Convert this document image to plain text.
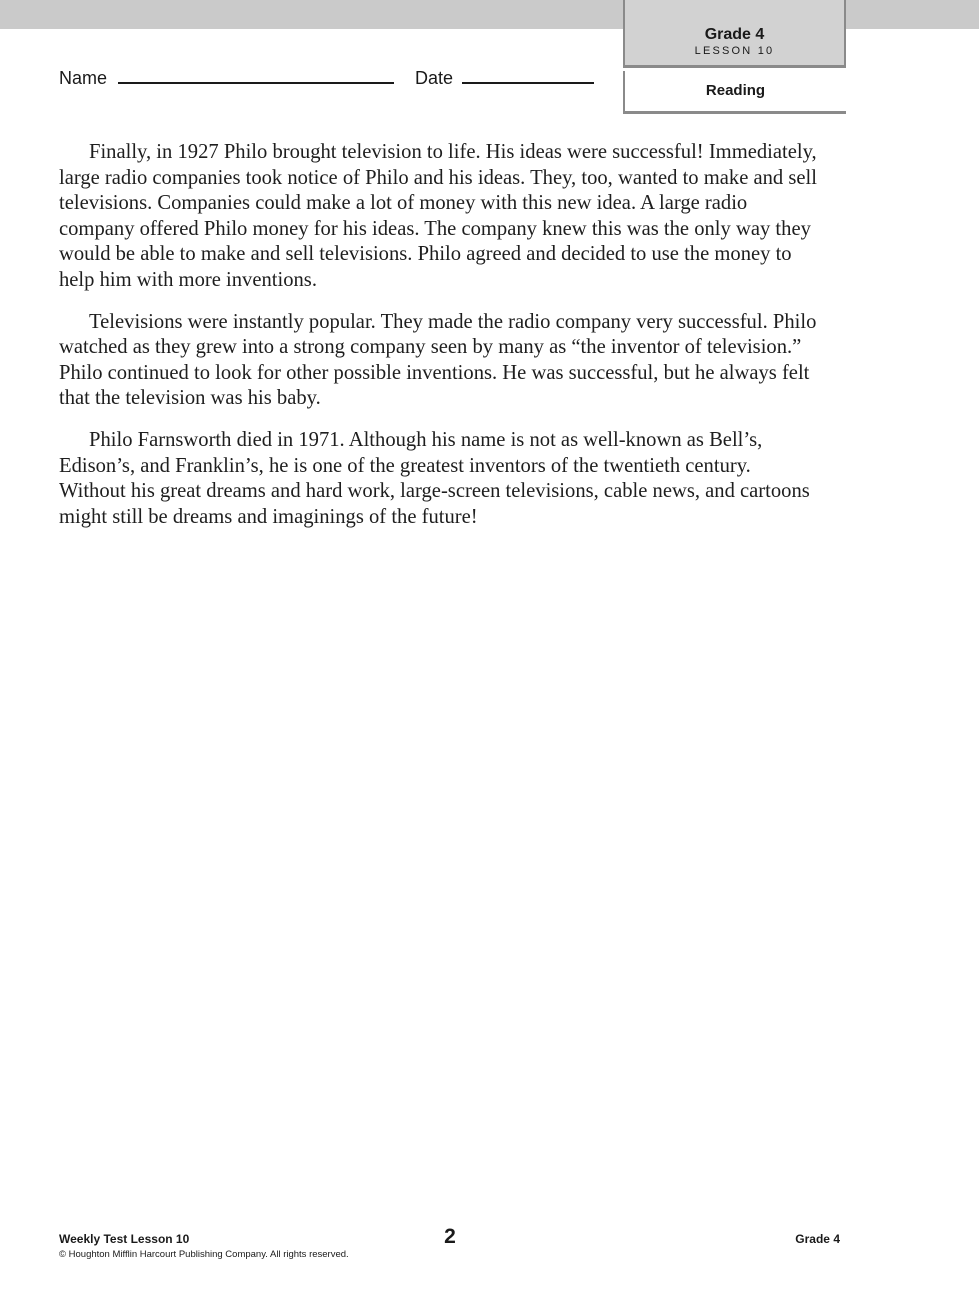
Grade 4
LESSON 10
Reading
Name	Date

Finally, in 1927 Philo brought television to life. His ideas were successful! Immediately, large radio companies took notice of Philo and his ideas. They, too, wanted to make and sell televisions. Companies could make a lot of money with this new idea. A large radio company offered Philo money for his ideas. The company knew this was the only way they would be able to make and sell televisions. Philo agreed and decided to use the money to help him with more inventions.

Televisions were instantly popular. They made the radio company very successful. Philo watched as they grew into a strong company seen by many as “the inventor of television.” Philo continued to look for other possible inventions. He was successful, but he always felt that the television was his baby.

Philo Farnsworth died in 1971. Although his name is not as well-known as Bell’s, Edison’s, and Franklin’s, he is one of the greatest inventors of the twentieth century. Without his great dreams and hard work, large-screen televisions, cable news, and cartoons might still be dreams and imaginings of the future!

Weekly Test Lesson 10
© Houghton Mifflin Harcourt Publishing Company. All rights reserved.
2	Grade 4
